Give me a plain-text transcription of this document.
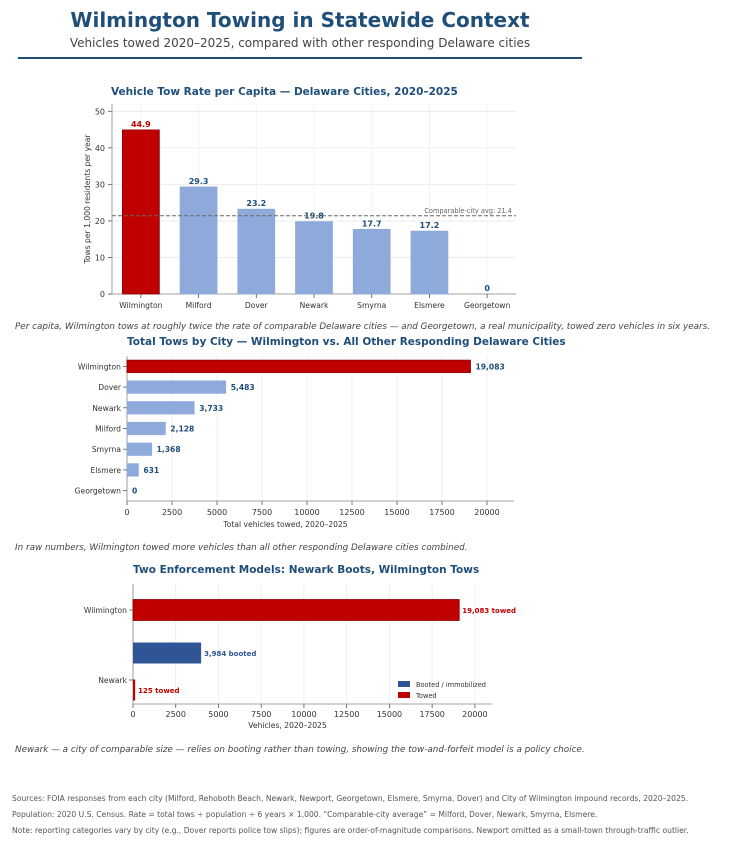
Wilmington Towing in Statewide Context
Vehicles towed 2020–2025, compared with other responding Delaware cities
Vehicle Tow Rate per Capita — Delaware Cities, 2020–2025
0
10
20
30
40
50
44.9
Wilmington
29.3
Milford
23.2
Dover
19.8
Newark
17.7
Smyrna
17.2
Elsmere
0
Georgetown
Comparable-city avg: 21.4
Tows per 1,000 residents per year
Per capita, Wilmington tows at roughly twice the rate of comparable Delaware cities — and Georgetown, a real municipality, towed zero vehicles in six years.
Total Tows by City — Wilmington vs. All Other Responding Delaware Cities
0	2500	5000	7500	10000 12500 15000 17500 20000
19,083
Wilmington
5,483
Dover
3,733
Newark
2,128
Milford
1,368
Smyrna
631
Elsmere
0
Georgetown
Total vehicles towed, 2020–2025
In raw numbers, Wilmington towed more vehicles than all other responding Delaware cities combined.
Two Enforcement Models: Newark Boots, Wilmington Tows
0	2500	5000	7500 10000 12500 15000 17500 20000
19,083 towed
3,984 booted
125 towed
Wilmington
Newark	Booted / immobilized
Towed
Vehicles, 2020–2025
Newark — a city of comparable size — relies on booting rather than towing, showing the tow-and-forfeit model is a policy choice.
Sources: FOIA responses from each city (Milford, Rehoboth Beach, Newark, Newport, Georgetown, Elsmere, Smyrna, Dover) and City of Wilmington impound records, 2020–2025.
Population: 2020 U.S. Census. Rate = total tows ÷ population ÷ 6 years × 1,000. “Comparable-city average” = Milford, Dover, Newark, Smyrna, Elsmere.
Note: reporting categories vary by city (e.g., Dover reports police tow slips); figures are order-of-magnitude comparisons. Newport omitted as a small-town through-traffic outlier.
